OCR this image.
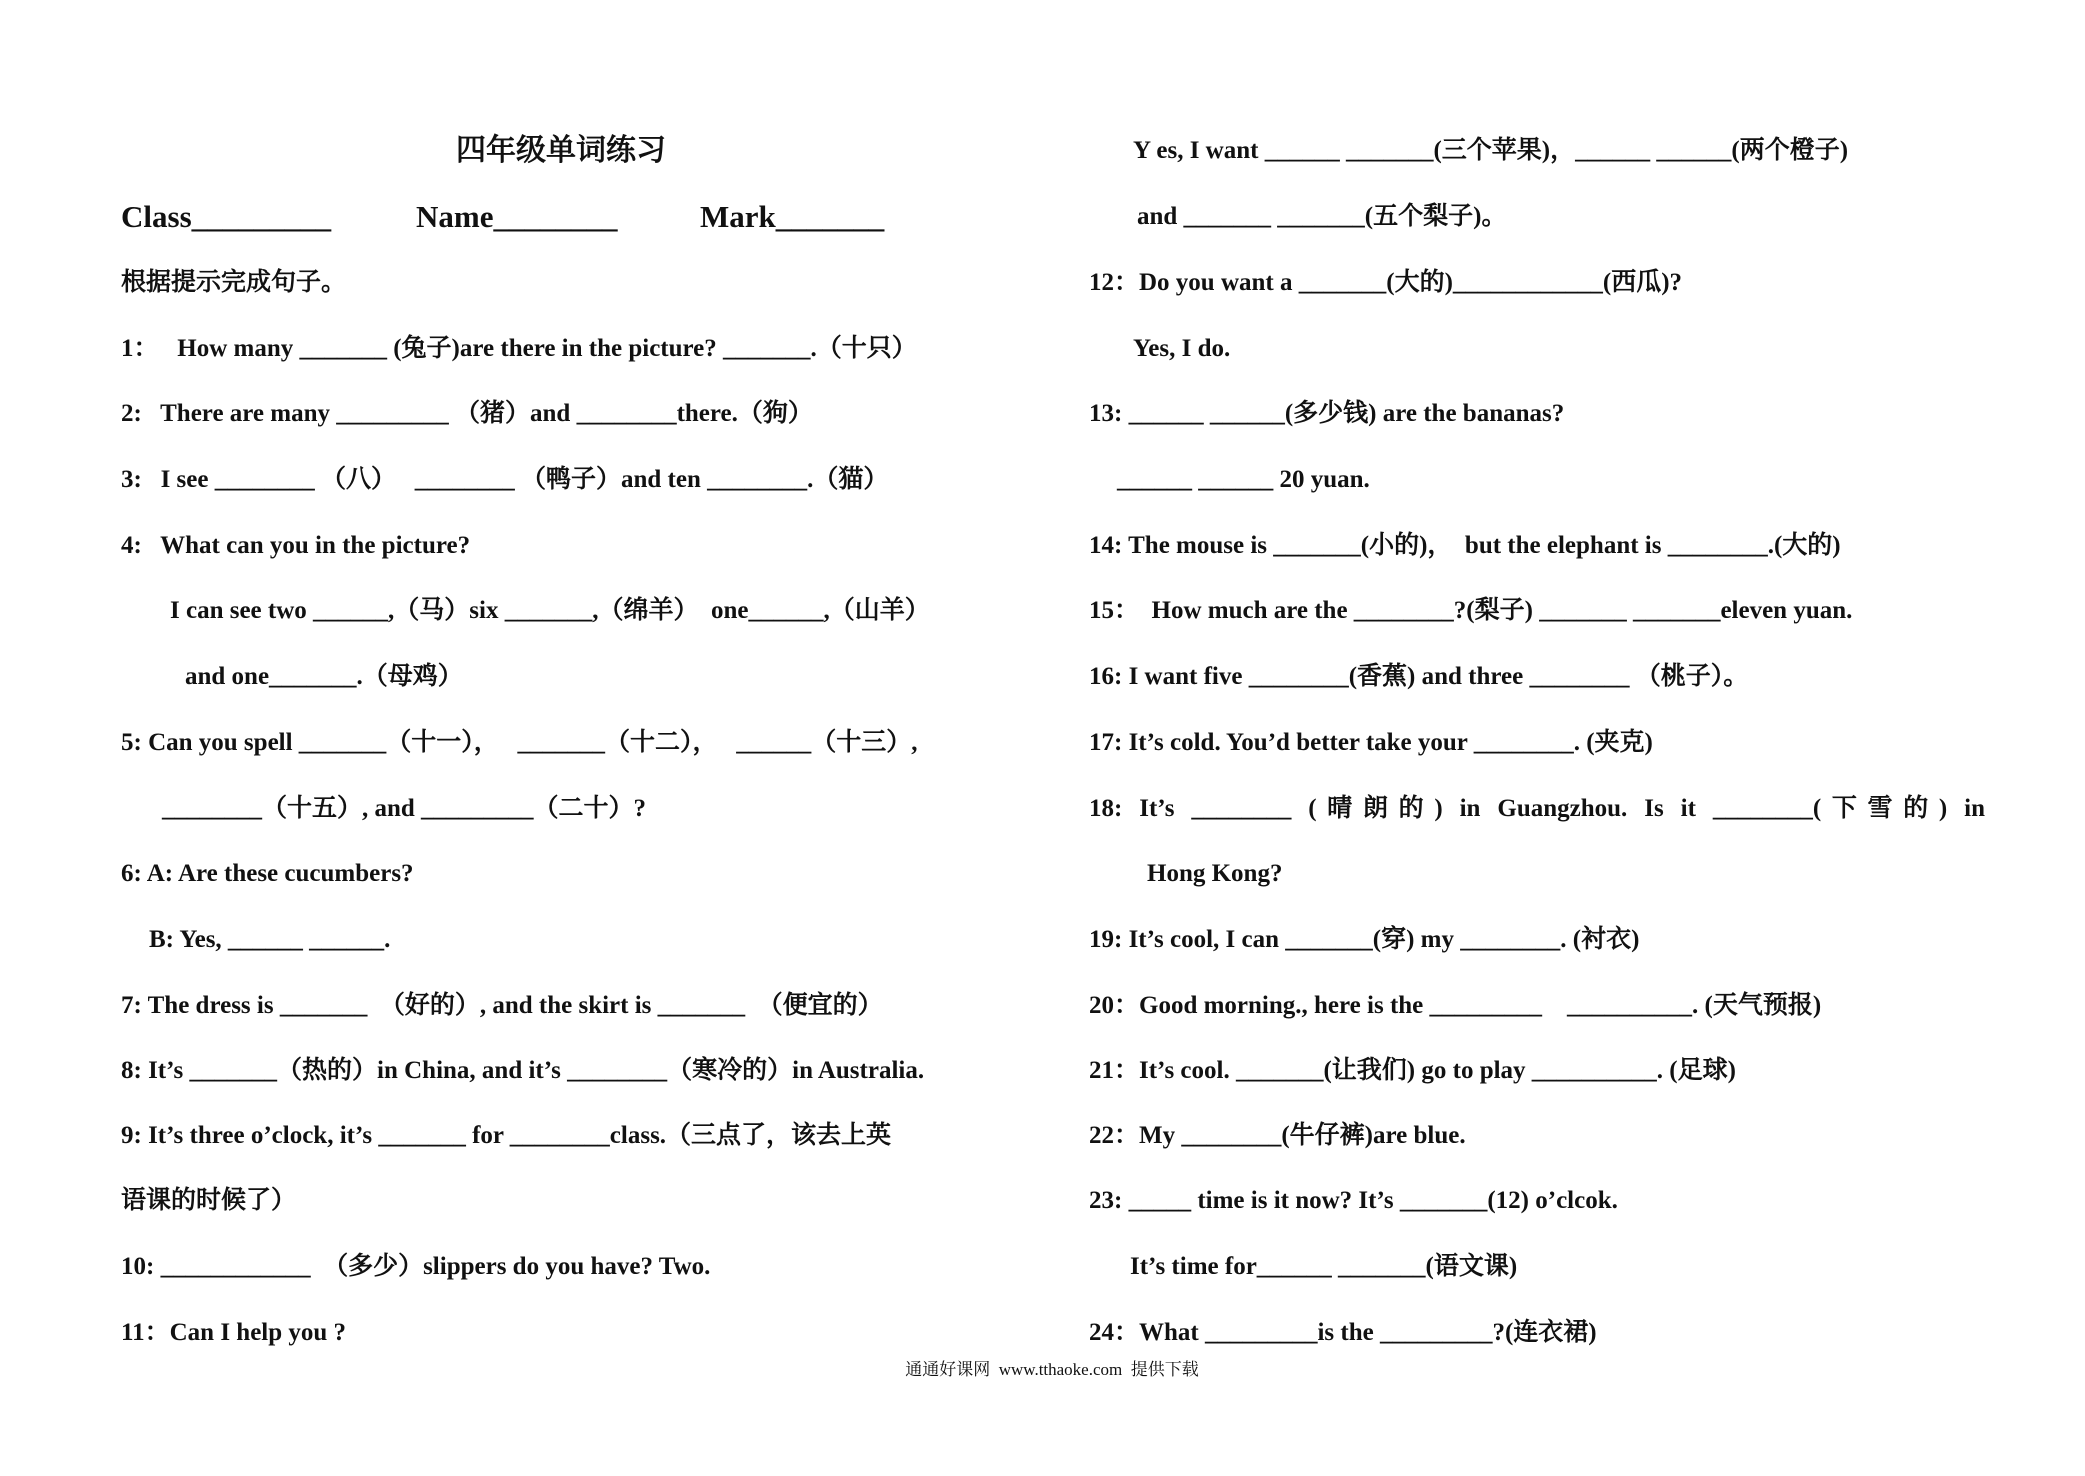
四年级单词练习
Class_________	Name________	Mark_______
根据提示完成句子。
1：   How many _______ (兔子)are there in the picture? _______.（十只）
2:   There are many _________ （猪）and ________there.（狗）
3:   I see ________ （八）   ________ （鸭子）and ten ________.（猫）
4:   What can you in the picture?
I can see two ______,（马）six _______,（绵羊）  one______,（山羊）
and one_______.（母鸡）
5: Can you spell _______（十一），   _______（十二），   ______（十三）,
________（十五）, and _________（二十）?
6: A: Are these cucumbers?
B: Yes, ______ ______.
7: The dress is _______  （好的）, and the skirt is _______  （便宜的）
8: It’s _______（热的）in China, and it’s ________（寒冷的）in Australia.
9: It’s three o’clock, it’s _______ for ________class.（三点了，该去上英
语课的时候了）
10: ____________  （多少）slippers do you have? Two.
11：Can I help you ?
Y es, I want ______ _______(三个苹果)，______ ______(两个橙子)
and _______ _______(五个梨子)。
12：Do you want a _______(大的)____________(西瓜)?
Yes, I do.
13: ______ ______(多少钱) are the bananas?
______ ______ 20 yuan.
14: The mouse is _______(小的)，  but the elephant is ________.(大的)
15：  How much are the ________?(梨子) _______ _______eleven yuan.
16: I want five ________(香蕉) and three ________ （桃子）。
17: It’s cold. You’d better take your ________. (夹克)
18: It’s ________ (晴朗的) in Guangzhou. Is it ________(下雪的) in
Hong Kong?
19: It’s cool, I can _______(穿) my ________. (衬衣)
20：Good morning., here is the _________    __________. (天气预报)
21：It’s cool. _______(让我们) go to play __________. (足球)
22：My ________(牛仔裤)are blue.
23: _____ time is it now? It’s _______(12) o’clcok.
It’s time for______ _______(语文课)
24：What _________is the _________?(连衣裙)
通通好课网  www.tthaoke.com  提供下载
